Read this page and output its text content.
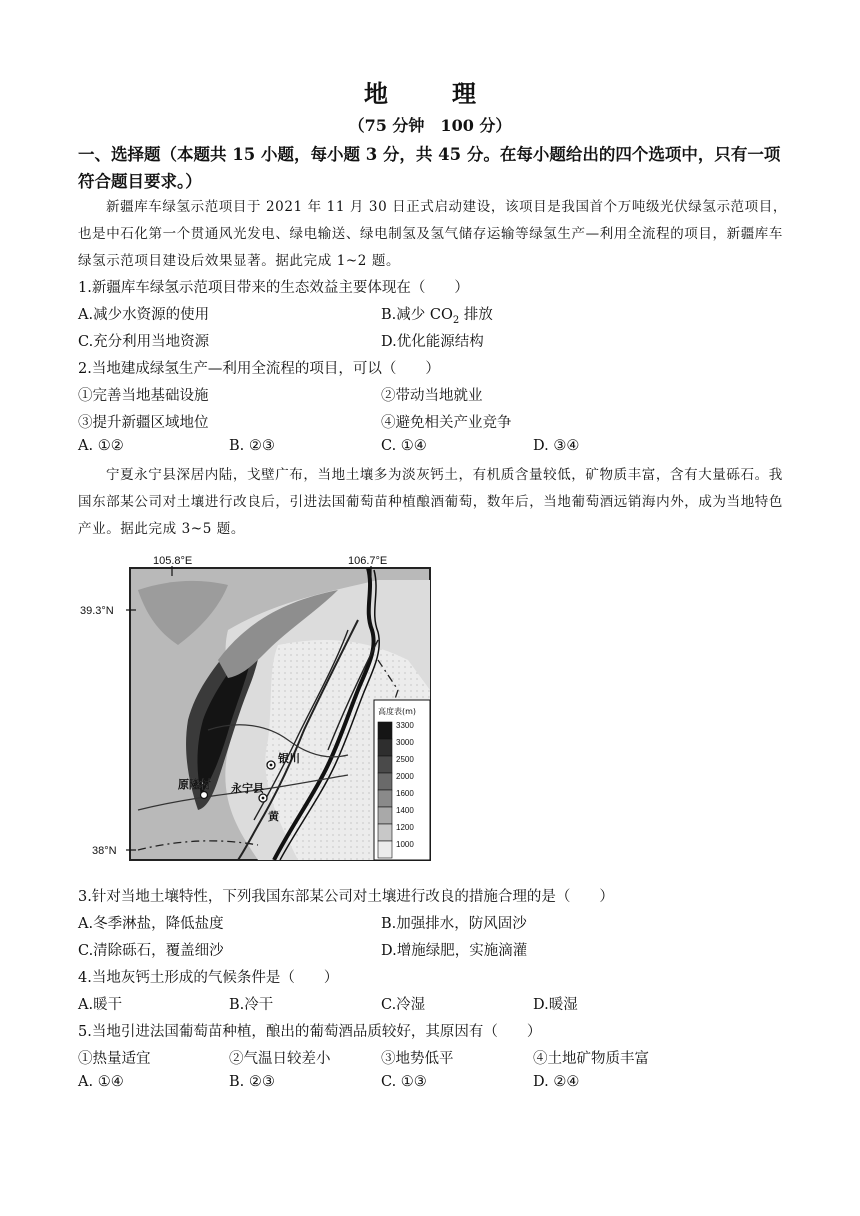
地　理
（75 分钟　100 分）
一、选择题（本题共 15 小题，每小题 3 分，共 45 分。在每小题给出的四个选项中，只有一项符合题目要求。）
新疆库车绿氢示范项目于 2021 年 11 月 30 日正式启动建设，该项目是我国首个万吨级光伏绿氢示范项目，也是中石化第一个贯通风光发电、绿电输送、绿电制氢及氢气储存运输等绿氢生产—利用全流程的项目，新疆库车绿氢示范项目建设后效果显著。据此完成 1~2 题。
1.新疆库车绿氢示范项目带来的生态效益主要体现在（　　）
A.减少水资源的使用	B.减少 $CO_2$ 排放
C.充分利用当地资源	D.优化能源结构
2.当地建成绿氢生产—利用全流程的项目，可以（　　）
①完善当地基础设施	②带动当地就业
③提升新疆区域地位	④避免相关产业竞争
A. ①②	B. ②③	C. ①④	D. ③④
宁夏永宁县深居内陆，戈壁广布，当地土壤多为淡灰钙土，有机质含量较低，矿物质丰富，含有大量砾石。我国东部某公司对土壤进行改良后，引进法国葡萄苗种植酿酒葡萄，数年后，当地葡萄酒远销海内外，成为当地特色产业。据此完成 3~5 题。
105.8°E	106.7°E
39.3°N
38°N
银川
永宁县
原隆村
黄
高度表(m)
3300
3000
2500
2000
1600
1400
1200
1000
3.针对当地土壤特性，下列我国东部某公司对土壤进行改良的措施合理的是（　　）
A.冬季淋盐，降低盐度	B.加强排水，防风固沙
C.清除砾石，覆盖细沙	D.增施绿肥，实施滴灌
4.当地灰钙土形成的气候条件是（　　）
A.暖干	B.冷干	C.冷湿	D.暖湿
5.当地引进法国葡萄苗种植，酿出的葡萄酒品质较好，其原因有（　　）
①热量适宜	②气温日较差小	③地势低平	④土地矿物质丰富
A. ①④	B. ②③	C. ①③	D. ②④
